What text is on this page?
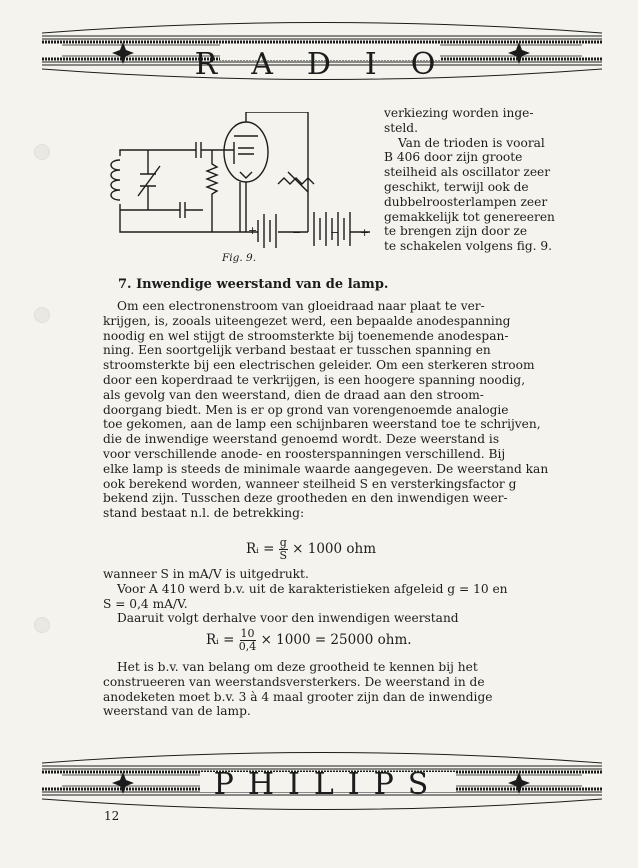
RADIO
+	−	− +
Fig. 9.
verkiezing worden inge-
steld.
Van de trioden is vooral
B 406 door zijn groote
steilheid als oscillator zeer
geschikt, terwijl ook de
dubbelroosterlampen zeer
gemakkelijk tot genereeren
te brengen zijn door ze
te schakelen volgens fig. 9.
7. Inwendige weerstand van de lamp.
Om een electronenstroom van gloeidraad naar plaat te ver-
krijgen, is, zooals uiteengezet werd, een bepaalde anodespanning
noodig en wel stijgt de stroomsterkte bij toenemende anodespan-
ning. Een soortgelijk verband bestaat er tusschen spanning en
stroomsterkte bij een electrischen geleider. Om een sterkeren stroom
door een koperdraad te verkrijgen, is een hoogere spanning noodig,
als gevolg van den weerstand, dien de draad aan den stroom-
doorgang biedt. Men is er op grond van vorengenoemde analogie
toe gekomen, aan de lamp een schijnbaren weerstand toe te schrijven,
die de inwendige weerstand genoemd wordt. Deze weerstand is
voor verschillende anode- en roosterspanningen verschillend. Bij
elke lamp is steeds de minimale waarde aangegeven. De weerstand kan
ook berekend worden, wanneer steilheid S en versterkingsfactor g
bekend zijn. Tusschen deze grootheden en den inwendigen weer-
stand bestaat n.l. de betrekking:
Rᵢ = $\frac{g}{S} \times 1000$ ohm
wanneer S in mA/V is uitgedrukt.
Voor A 410 werd b.v. uit de karakteristieken afgeleid g = 10 en
S = 0,4 mA/V.
Daaruit volgt derhalve voor den inwendigen weerstand
Rᵢ = $\frac{10}{0,4} \times 1000 = 25000$ ohm.
Het is b.v. van belang om deze grootheid te kennen bij het
construeeren van weerstandsversterkers. De weerstand in de
anodeketen moet b.v. 3 à 4 maal grooter zijn dan de inwendige
weerstand van de lamp.
PHILIPS
12
